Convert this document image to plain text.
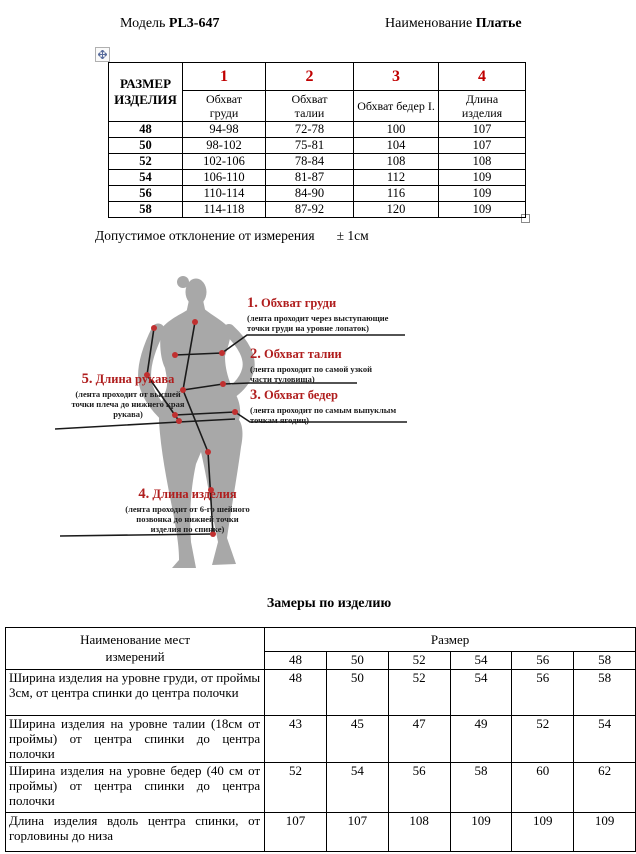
Модель PL3-647	Наименование Платье
РАЗМЕР ИЗДЕЛИЯ	1	2	3	4
	Обхват груди	Обхват талии	Обхват бедер I.	Длина изделия
48	94-98	72-78	100	107
50	98-102	75-81	104	107
52	102-106	78-84	108	108
54	106-110	81-87	112	109
56	110-114	84-90	116	109
58	114-118	87-92	120	109
Допустимое отклонение от измерения ± 1см
1. Обхват груди
(лента проходит через выступающие точки груди на уровне лопаток)
2. Обхват талии
(лента проходит по самой узкой части туловища)
3. Обхват бедер
(лента проходит по самым выпуклым точкам ягодиц)
5. Длина рукава
(лента проходит от высшей точки плеча до нижнего края рукава)
4. Длина изделия
(лента проходит от 6-го шейного позвонка до нижней точки изделия по спинке)
Замеры по изделию
Наименование мест измерений	Размер					
	48	50	52	54	56	58
Ширина изделия на уровне груди, от проймы 3см, от центра спинки до центра полочки	48	50	52	54	56	58
Ширина изделия на уровне талии (18см от проймы) от центра спинки до центра полочки	43	45	47	49	52	54
Ширина изделия на уровне бедер (40 см от проймы) от центра спинки до центра полочки	52	54	56	58	60	62
Длина изделия вдоль центра спинки, от горловины до низа	107	107	108	109	109	109
